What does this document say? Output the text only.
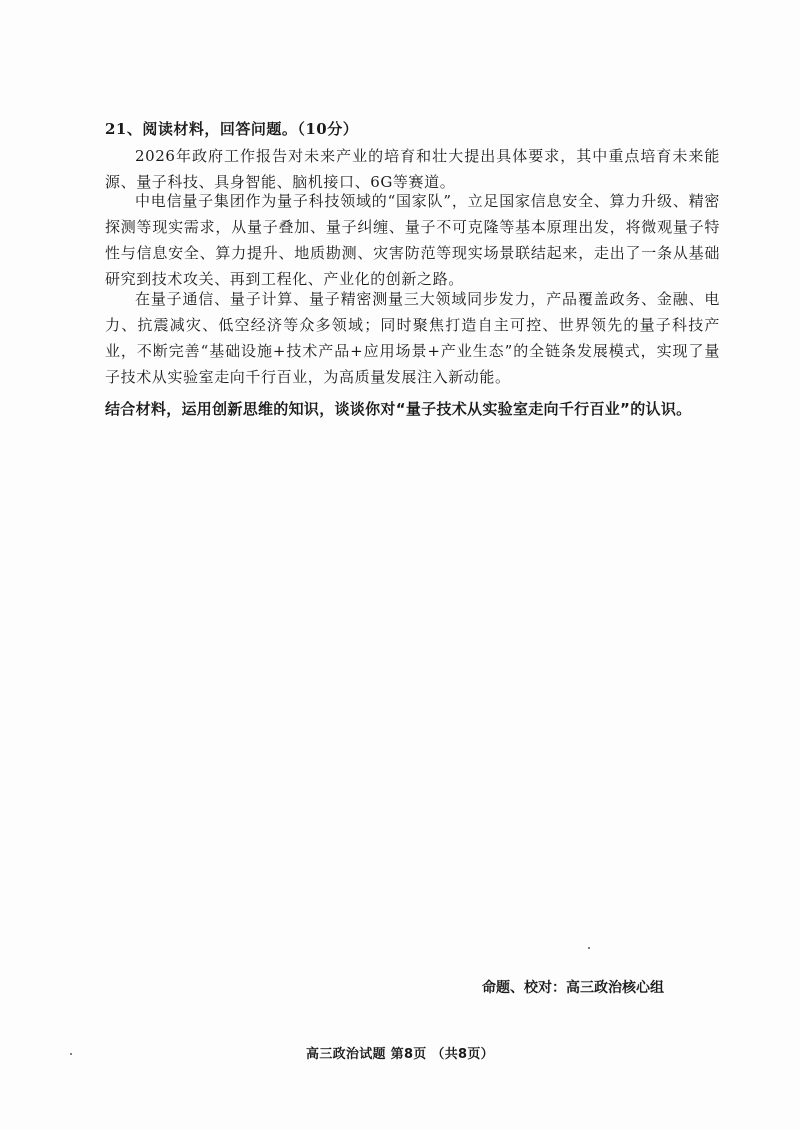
21、阅读材料，回答问题。（10分）
2026年政府工作报告对未来产业的培育和壮大提出具体要求，其中重点培育未来能源、量子科技、具身智能、脑机接口、6G等赛道。
中电信量子集团作为量子科技领域的“国家队”，立足国家信息安全、算力升级、精密探测等现实需求，从量子叠加、量子纠缠、量子不可克隆等基本原理出发，将微观量子特性与信息安全、算力提升、地质勘测、灾害防范等现实场景联结起来，走出了一条从基础研究到技术攻关、再到工程化、产业化的创新之路。
在量子通信、量子计算、量子精密测量三大领域同步发力，产品覆盖政务、金融、电力、抗震减灾、低空经济等众多领域；同时聚焦打造自主可控、世界领先的量子科技产业，不断完善“基础设施+技术产品+应用场景+产业生态”的全链条发展模式，实现了量子技术从实验室走向千行百业，为高质量发展注入新动能。
结合材料，运用创新思维的知识，谈谈你对“量子技术从实验室走向千行百业”的认识。
命题、校对：高三政治核心组
高三政治试题 第8页 （共8页）
